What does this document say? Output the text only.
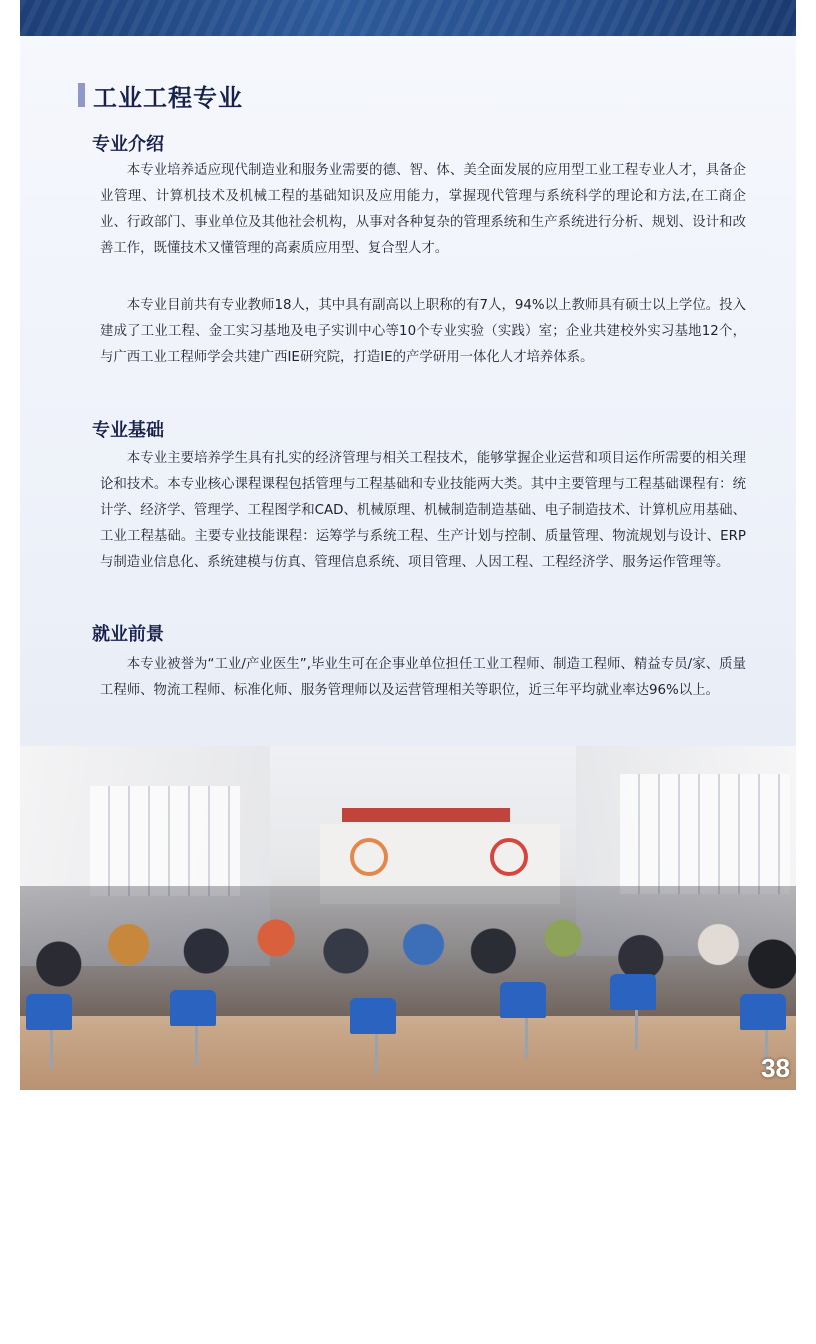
工业工程专业
专业介绍

本专业培养适应现代制造业和服务业需要的德、智、体、美全面发展的应用型工业工程专业人才，具备企业管理、计算机技术及机械工程的基础知识及应用能力，掌握现代管理与系统科学的理论和方法,在工商企业、行政部门、事业单位及其他社会机构，从事对各种复杂的管理系统和生产系统进行分析、规划、设计和改善工作，既懂技术又懂管理的高素质应用型、复合型人才。

本专业目前共有专业教师18人，其中具有副高以上职称的有7人，94%以上教师具有硕士以上学位。投入建成了工业工程、金工实习基地及电子实训中心等10个专业实验（实践）室；企业共建校外实习基地12个，与广西工业工程师学会共建广西IE研究院，打造IE的产学研用一体化人才培养体系。

专业基础

本专业主要培养学生具有扎实的经济管理与相关工程技术，能够掌握企业运营和项目运作所需要的相关理论和技术。本专业核心课程课程包括管理与工程基础和专业技能两大类。其中主要管理与工程基础课程有：统计学、经济学、管理学、工程图学和CAD、机械原理、机械制造制造基础、电子制造技术、计算机应用基础、工业工程基础。主要专业技能课程：运筹学与系统工程、生产计划与控制、质量管理、物流规划与设计、ERP与制造业信息化、系统建模与仿真、管理信息系统、项目管理、人因工程、工程经济学、服务运作管理等。

就业前景

本专业被誉为“工业/产业医生”,毕业生可在企事业单位担任工业工程师、制造工程师、精益专员/家、质量工程师、物流工程师、标准化师、服务管理师以及运营管理相关等职位，近三年平均就业率达96%以上。

38
